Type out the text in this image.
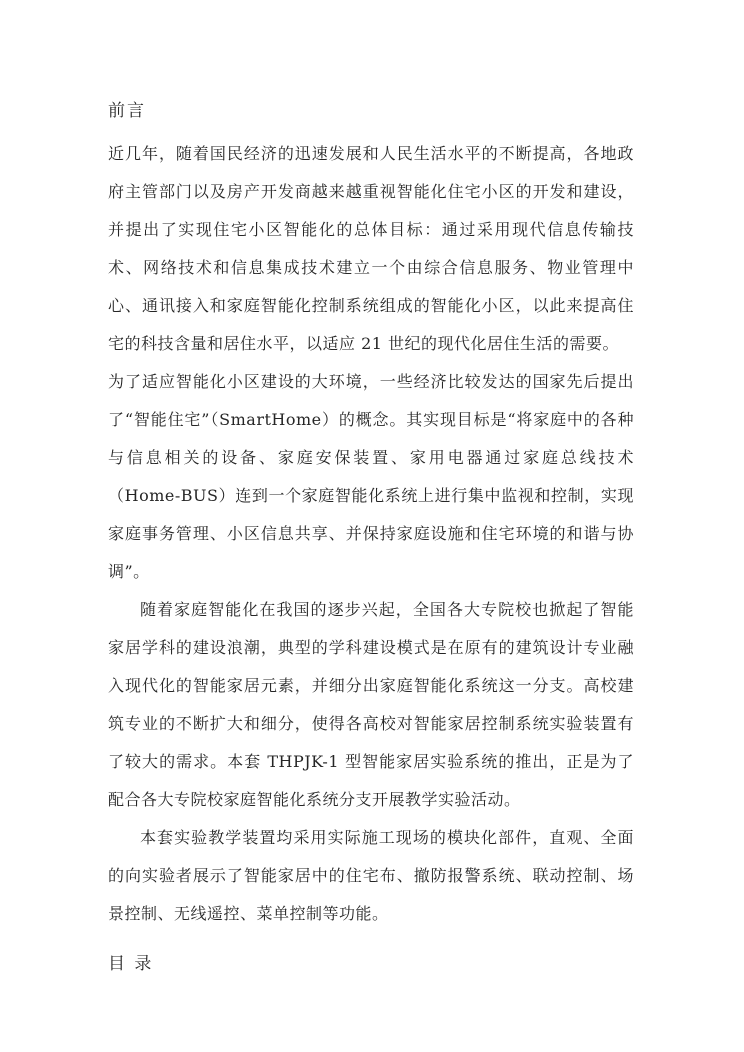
前言

近几年，随着国民经济的迅速发展和人民生活水平的不断提高，各地政府主管部门以及房产开发商越来越重视智能化住宅小区的开发和建设，并提出了实现住宅小区智能化的总体目标：通过采用现代信息传输技术、网络技术和信息集成技术建立一个由综合信息服务、物业管理中心、通讯接入和家庭智能化控制系统组成的智能化小区，以此来提高住宅的科技含量和居住水平，以适应 21 世纪的现代化居住生活的需要。

为了适应智能化小区建设的大环境，一些经济比较发达的国家先后提出了“智能住宅”（SmartHome）的概念。其实现目标是“将家庭中的各种与信息相关的设备、家庭安保装置、家用电器通过家庭总线技术（Home-BUS）连到一个家庭智能化系统上进行集中监视和控制，实现家庭事务管理、小区信息共享、并保持家庭设施和住宅环境的和谐与协调”。

随着家庭智能化在我国的逐步兴起，全国各大专院校也掀起了智能家居学科的建设浪潮，典型的学科建设模式是在原有的建筑设计专业融入现代化的智能家居元素，并细分出家庭智能化系统这一分支。高校建筑专业的不断扩大和细分，使得各高校对智能家居控制系统实验装置有了较大的需求。本套 THPJK-1 型智能家居实验系统的推出，正是为了配合各大专院校家庭智能化系统分支开展教学实验活动。

本套实验教学装置均采用实际施工现场的模块化部件，直观、全面的向实验者展示了智能家居中的住宅布、撤防报警系统、联动控制、场景控制、无线遥控、菜单控制等功能。

目 录
